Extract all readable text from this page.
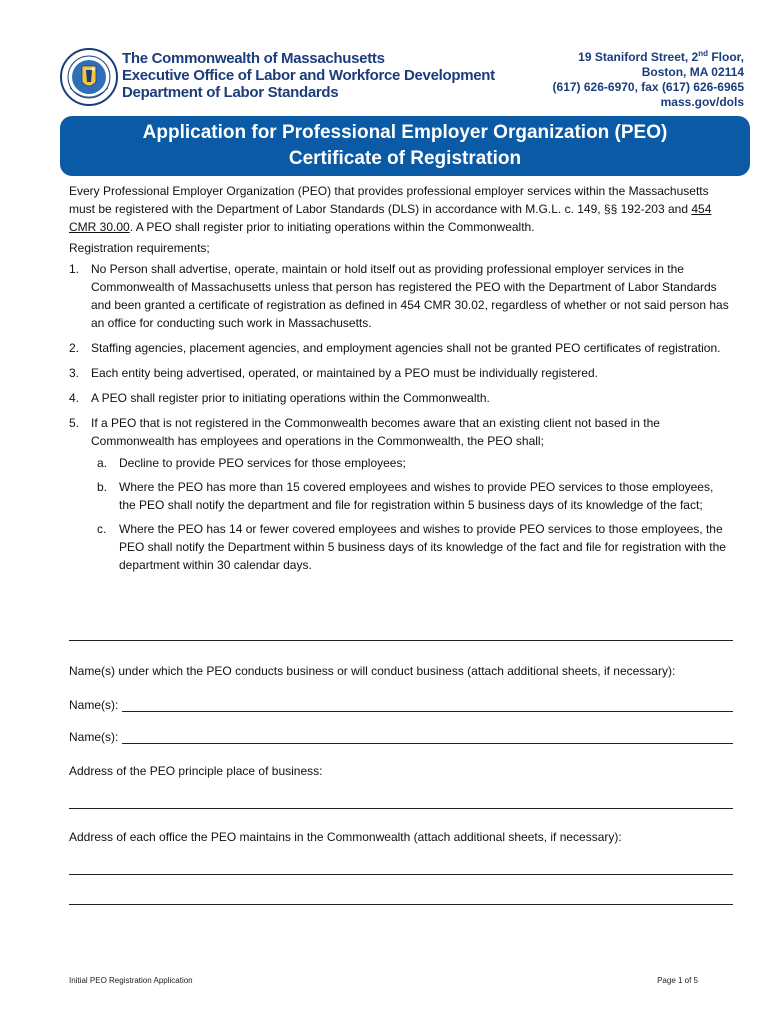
The Commonwealth of Massachusetts
Executive Office of Labor and Workforce Development
Department of Labor Standards
19 Staniford Street, 2nd Floor,
Boston, MA 02114
(617) 626-6970, fax (617) 626-6965
mass.gov/dols
Application for Professional Employer Organization (PEO)
Certificate of Registration

Every Professional Employer Organization (PEO) that provides professional employer services within the Massachusetts must be registered with the Department of Labor Standards (DLS) in accordance with M.G.L. c. 149, §§ 192-203 and 454 CMR 30.00. A PEO shall register prior to initiating operations within the Commonwealth.

Registration requirements;

1. No Person shall advertise, operate, maintain or hold itself out as providing professional employer services in the Commonwealth of Massachusetts unless that person has registered the PEO with the Department of Labor Standards and been granted a certificate of registration as defined in 454 CMR 30.02, regardless of whether or not said person has an office for conducting such work in Massachusetts.
2. Staffing agencies, placement agencies, and employment agencies shall not be granted PEO certificates of registration.
3. Each entity being advertised, operated, or maintained by a PEO must be individually registered.
4. A PEO shall register prior to initiating operations within the Commonwealth.
5. If a PEO that is not registered in the Commonwealth becomes aware that an existing client not based in the Commonwealth has employees and operations in the Commonwealth, the PEO shall;
a. Decline to provide PEO services for those employees;
b. Where the PEO has more than 15 covered employees and wishes to provide PEO services to those employees, the PEO shall notify the department and file for registration within 5 business days of its knowledge of the fact;
c. Where the PEO has 14 or fewer covered employees and wishes to provide PEO services to those employees, the PEO shall notify the Department within 5 business days of its knowledge of the fact and file for registration with the department within 30 calendar days.
Name(s) under which the PEO conducts business or will conduct business (attach additional sheets, if necessary):
Name(s):
Name(s):
Address of the PEO principle place of business:
Address of each office the PEO maintains in the Commonwealth (attach additional sheets, if necessary):
Initial PEO Registration Application	Page 1 of 5
